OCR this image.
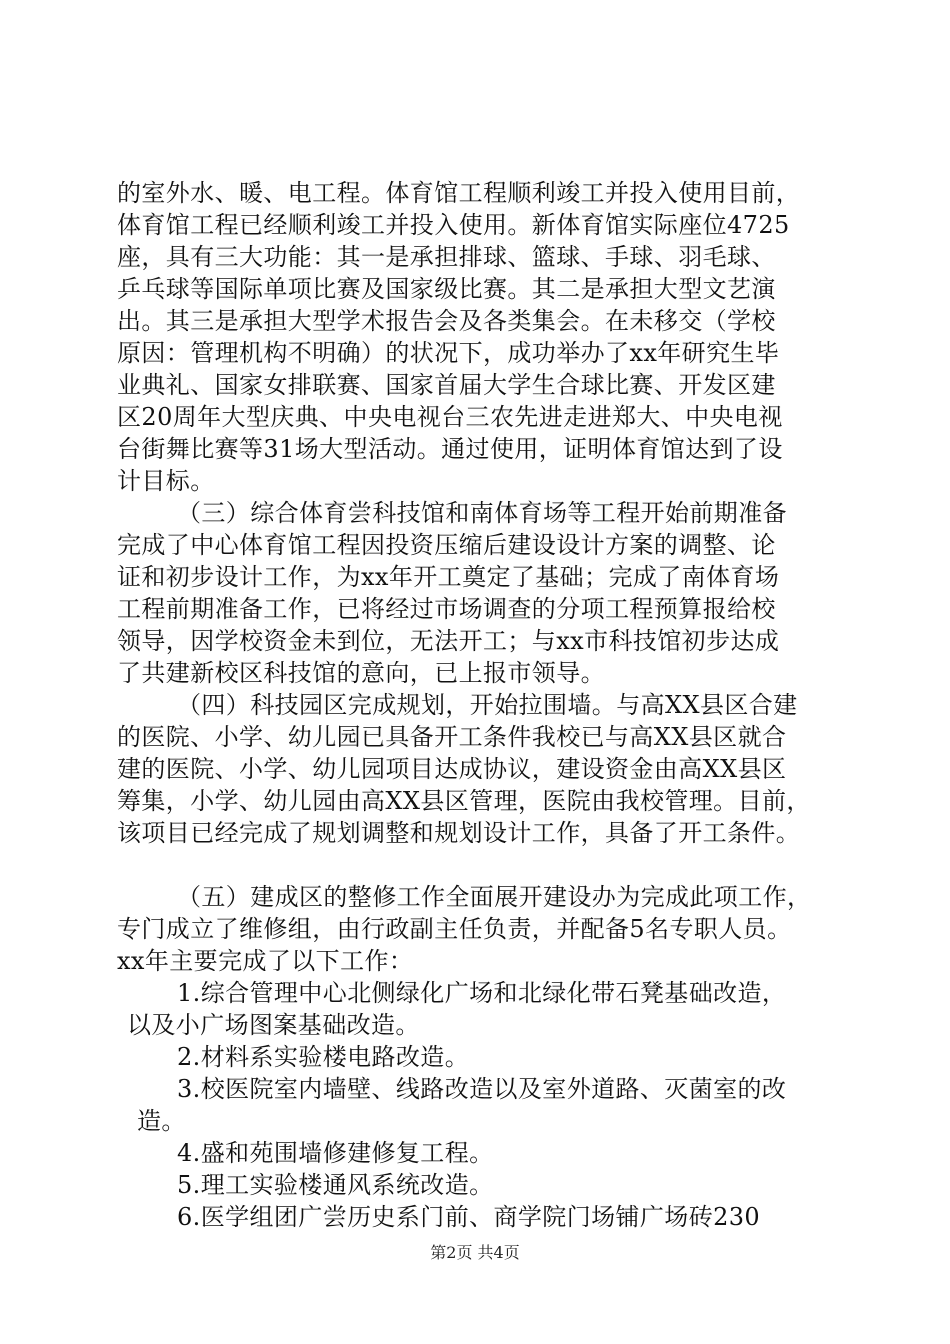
的室外水、暖、电工程。体育馆工程顺利竣工并投入使用目前，
体育馆工程已经顺利竣工并投入使用。新体育馆实际座位4725
座，具有三大功能：其一是承担排球、篮球、手球、羽毛球、
乒乓球等国际单项比赛及国家级比赛。其二是承担大型文艺演
出。其三是承担大型学术报告会及各类集会。在未移交（学校
原因：管理机构不明确）的状况下，成功举办了xx年研究生毕
业典礼、国家女排联赛、国家首届大学生合球比赛、开发区建
区20周年大型庆典、中央电视台三农先进走进郑大、中央电视
台街舞比赛等31场大型活动。通过使用，证明体育馆达到了设
计目标。
（三）综合体育尝科技馆和南体育场等工程开始前期准备
完成了中心体育馆工程因投资压缩后建设设计方案的调整、论
证和初步设计工作，为xx年开工奠定了基础；完成了南体育场
工程前期准备工作，已将经过市场调查的分项工程预算报给校
领导，因学校资金未到位，无法开工；与xx市科技馆初步达成
了共建新校区科技馆的意向，已上报市领导。
（四）科技园区完成规划，开始拉围墙。与高XX县区合建
的医院、小学、幼儿园已具备开工条件我校已与高XX县区就合
建的医院、小学、幼儿园项目达成协议，建设资金由高XX县区
筹集，小学、幼儿园由高XX县区管理，医院由我校管理。目前，
该项目已经完成了规划调整和规划设计工作，具备了开工条件。
（五）建成区的整修工作全面展开建设办为完成此项工作，
专门成立了维修组，由行政副主任负责，并配备5名专职人员。
xx年主要完成了以下工作：
1.综合管理中心北侧绿化广场和北绿化带石凳基础改造，
以及小广场图案基础改造。
2.材料系实验楼电路改造。
3.校医院室内墙壁、线路改造以及室外道路、灭菌室的改
造。
4.盛和苑围墙修建修复工程。
5.理工实验楼通风系统改造。
6.医学组团广尝历史系门前、商学院门场铺广场砖230
第2页 共4页
